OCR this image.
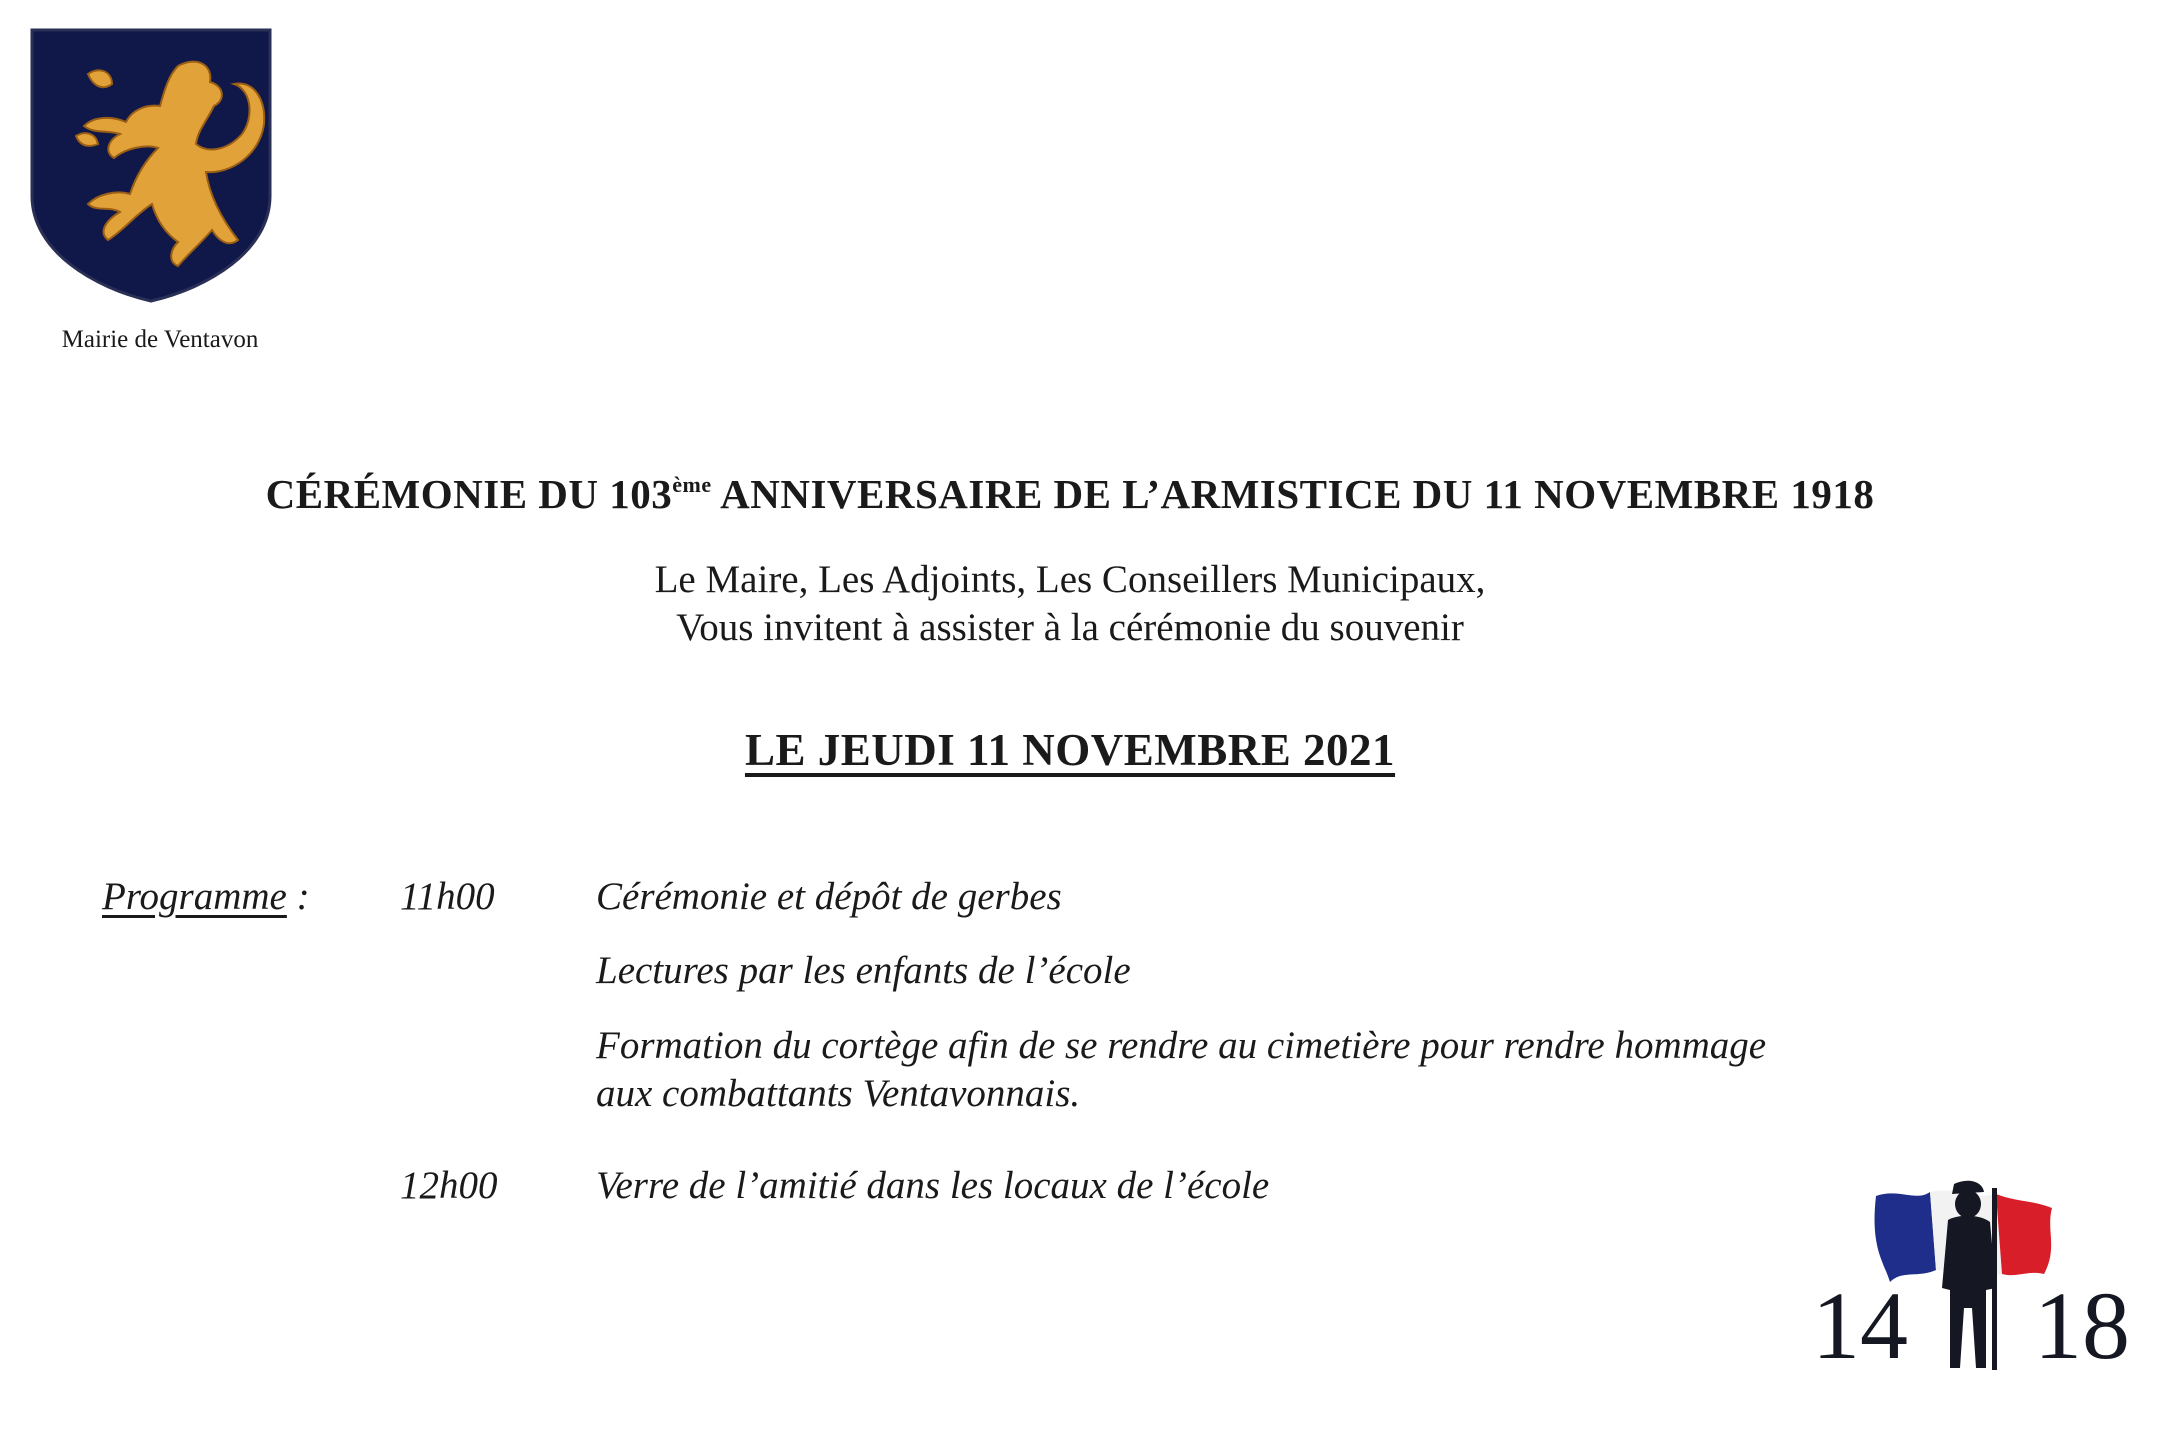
Mairie de Ventavon
CÉRÉMONIE DU 103ème ANNIVERSAIRE DE L’ARMISTICE DU 11 NOVEMBRE 1918
Le Maire, Les Adjoints, Les Conseillers Municipaux,
Vous invitent à assister à la cérémonie du souvenir
LE JEUDI 11 NOVEMBRE 2021
Programme : 11h00	Cérémonie et dépôt de gerbes
Lectures par les enfants de l’école
Formation du cortège afin de se rendre au cimetière pour rendre hommage
aux combattants Ventavonnais.
12h00	Verre de l’amitié dans les locaux de l’école
14 18
